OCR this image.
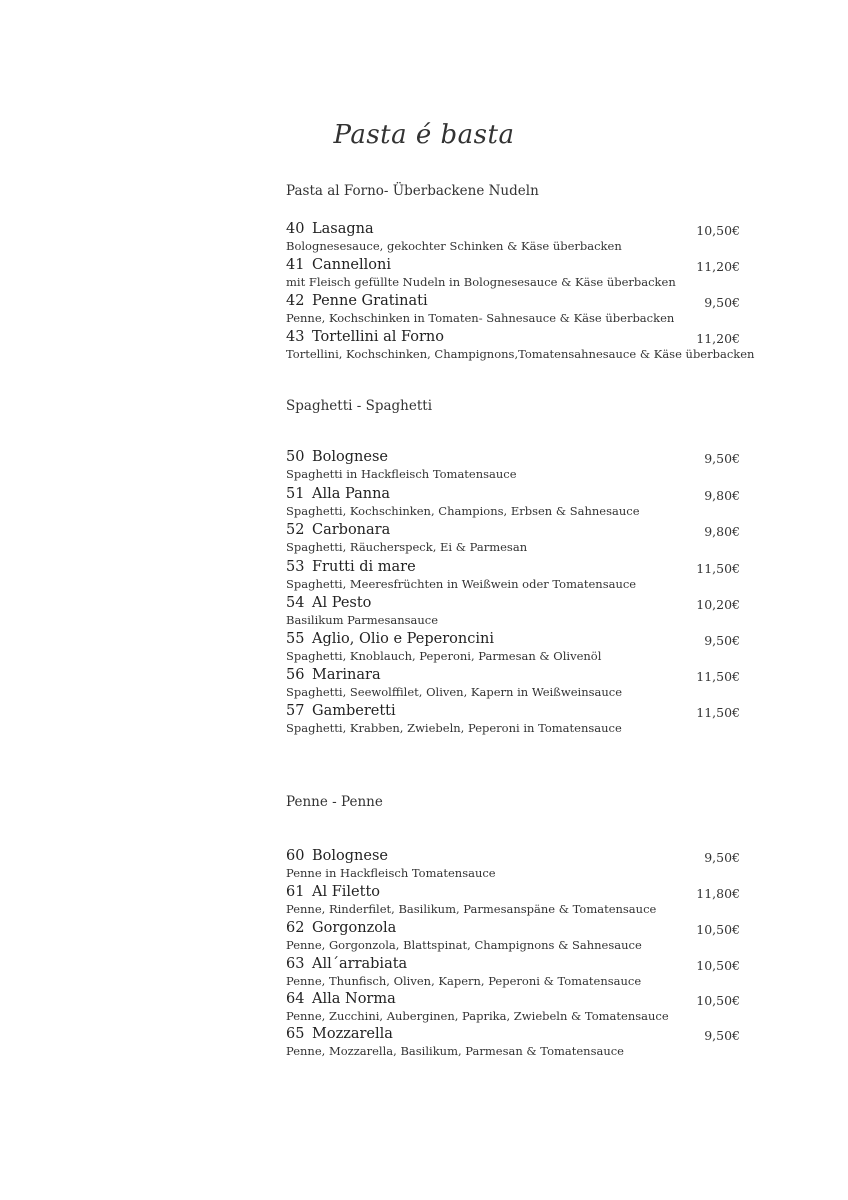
Pasta é basta
Pasta al Forno- Überbackene Nudeln
40 Lasagna	10,50€
Bolognesesauce, gekochter Schinken & Käse überbacken
41 Cannelloni	11,20€
mit Fleisch gefüllte Nudeln in Bolognesesauce & Käse überbacken
42 Penne Gratinati	9,50€
Penne, Kochschinken in Tomaten- Sahnesauce & Käse überbacken
43 Tortellini al Forno	11,20€
Tortellini, Kochschinken, Champignons,Tomatensahnesauce & Käse überbacken
Spaghetti - Spaghetti
50 Bolognese	9,50€
Spaghetti in Hackfleisch Tomatensauce
51 Alla Panna	9,80€
Spaghetti, Kochschinken, Champions, Erbsen & Sahnesauce
52 Carbonara	9,80€
Spaghetti, Räucherspeck, Ei & Parmesan
53 Frutti di mare	11,50€
Spaghetti, Meeresfrüchten in Weißwein oder Tomatensauce
54 Al Pesto	10,20€
Basilikum Parmesansauce
55 Aglio, Olio e Peperoncini	9,50€
Spaghetti, Knoblauch, Peperoni, Parmesan & Olivenöl
56 Marinara	11,50€
Spaghetti, Seewolffilet, Oliven, Kapern in Weißweinsauce
57 Gamberetti	11,50€
Spaghetti, Krabben, Zwiebeln, Peperoni in Tomatensauce
Penne - Penne
60 Bolognese	9,50€
Penne in Hackfleisch Tomatensauce
61 Al Filetto	11,80€
Penne, Rinderfilet, Basilikum, Parmesanspäne & Tomatensauce
62 Gorgonzola	10,50€
Penne, Gorgonzola, Blattspinat, Champignons & Sahnesauce
63 All´arrabiata	10,50€
Penne, Thunfisch, Oliven, Kapern, Peperoni & Tomatensauce
64 Alla Norma	10,50€
Penne, Zucchini, Auberginen, Paprika, Zwiebeln & Tomatensauce
65 Mozzarella	9,50€
Penne, Mozzarella, Basilikum, Parmesan & Tomatensauce
